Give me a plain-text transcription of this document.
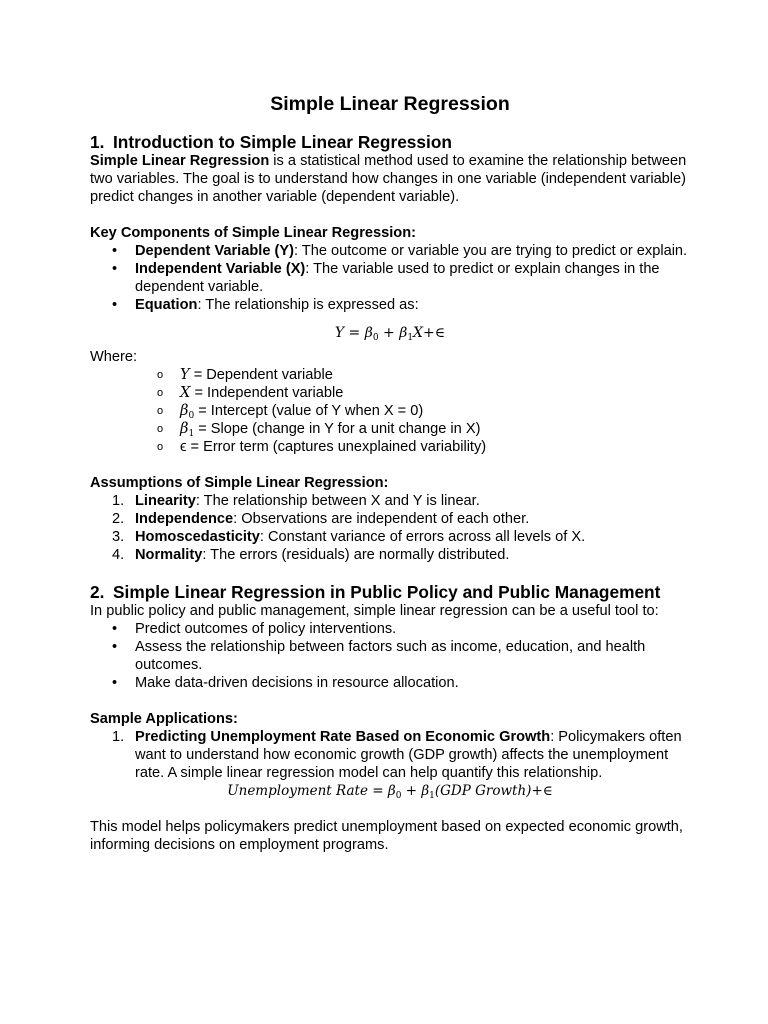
Simple Linear Regression
1. Introduction to Simple Linear Regression

Simple Linear Regression is a statistical method used to examine the relationship between two variables. The goal is to understand how changes in one variable (independent variable) predict changes in another variable (dependent variable).

Key Components of Simple Linear Regression:

• Dependent Variable (Y): The outcome or variable you are trying to predict or explain.
• Independent Variable (X): The variable used to predict or explain changes in the dependent variable.
• Equation: The relationship is expressed as:
$Y = \beta_0$ + $\beta_1X+\in$

Where:

o Y = Dependent variable
o X = Independent variable
o $\beta_0$ = Intercept (value of Y when X = 0)
o $\beta_1$ = Slope (change in Y for a unit change in X)
o ϵ = Error term (captures unexplained variability)

Assumptions of Simple Linear Regression:

1. Linearity: The relationship between X and Y is linear.
2. Independence: Observations are independent of each other.
3. Homoscedasticity: Constant variance of errors across all levels of X.
4. Normality: The errors (residuals) are normally distributed.
2. Simple Linear Regression in Public Policy and Public Management

In public policy and public management, simple linear regression can be a useful tool to:

• Predict outcomes of policy interventions.
• Assess the relationship between factors such as income, education, and health outcomes.
• Make data-driven decisions in resource allocation.

Sample Applications:

1. Predicting Unemployment Rate Based on Economic Growth: Policymakers often want to understand how economic growth (GDP growth) affects the unemployment rate. A simple linear regression model can help quantify this relationship.
Unemployment Rate = $\beta_0 + \beta_1(GDP$ Growth)+∈

This model helps policymakers predict unemployment based on expected economic growth, informing decisions on employment programs.
